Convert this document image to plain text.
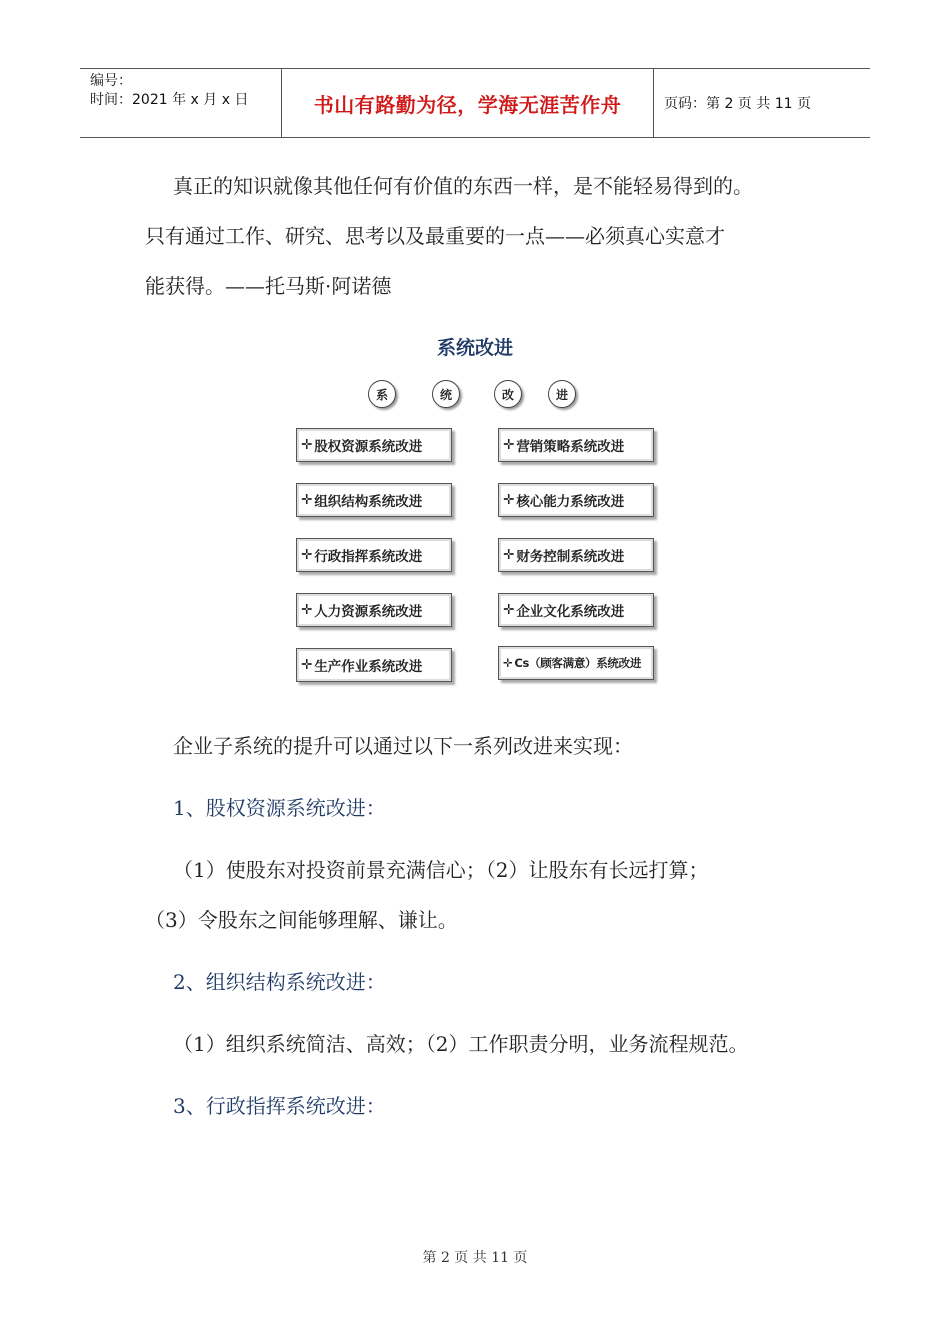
编号：
时间：2021 年 x 月 x 日	书山有路勤为径，学海无涯苦作舟	页码：第 2 页 共 11 页
真正的知识就像其他任何有价值的东西一样，是不能轻易得到的。
只有通过工作、研究、思考以及最重要的一点——必须真心实意才
能获得。——托马斯·阿诺德
系统改进
系	统	改	进
✛ 股权资源系统改进
✛ 组织结构系统改进
✛ 行政指挥系统改进
✛ 人力资源系统改进
✛ 生产作业系统改进
✛ 营销策略系统改进
✛ 核心能力系统改进
✛ 财务控制系统改进
✛ 企业文化系统改进
✛ Cs（顾客满意）系统改进
企业子系统的提升可以通过以下一系列改进来实现：
1、股权资源系统改进：
（1）使股东对投资前景充满信心；（2）让股东有长远打算；
（3）令股东之间能够理解、谦让。
2、组织结构系统改进：
（1）组织系统简洁、高效；（2）工作职责分明，业务流程规范。
3、行政指挥系统改进：
第 2 页 共 11 页
